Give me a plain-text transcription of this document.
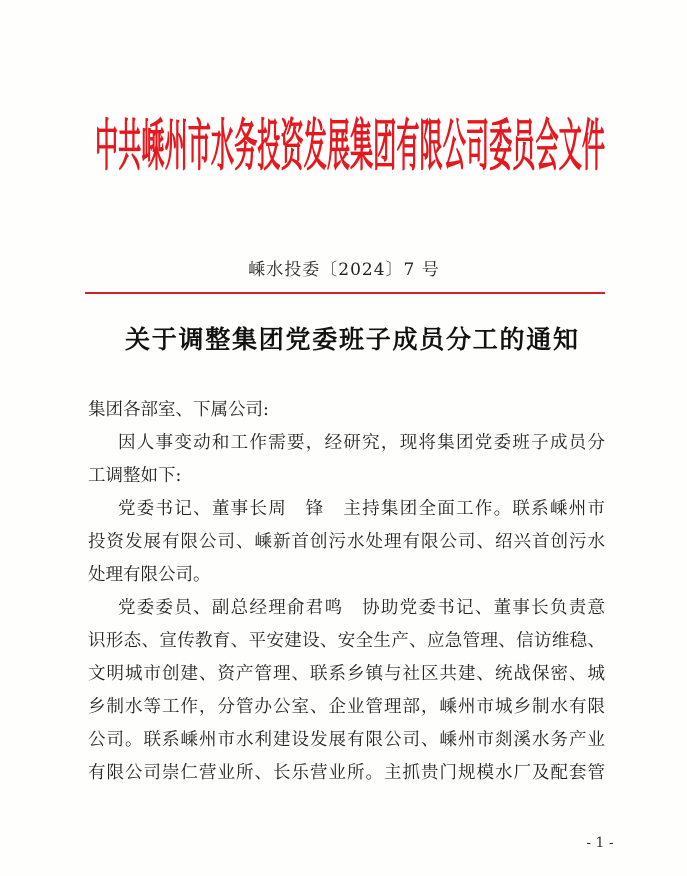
中共嵊州市水务投资发展集团有限公司委员会文件
嵊水投委〔2024〕7 号
关于调整集团党委班子成员分工的通知
集团各部室、下属公司:
因人事变动和工作需要，经研究，现将集团党委班子成员分
工调整如下:
党委书记、董事长周　锋　主持集团全面工作。联系嵊州市
投资发展有限公司、嵊新首创污水处理有限公司、绍兴首创污水
处理有限公司。
党委委员、副总经理俞君鸣　协助党委书记、董事长负责意
识形态、宣传教育、平安建设、安全生产、应急管理、信访维稳、
文明城市创建、资产管理、联系乡镇与社区共建、统战保密、城
乡制水等工作，分管办公室、企业管理部，嵊州市城乡制水有限
公司。联系嵊州市水利建设发展有限公司、嵊州市剡溪水务产业
有限公司崇仁营业所、长乐营业所。主抓贵门规模水厂及配套管
- 1 -
